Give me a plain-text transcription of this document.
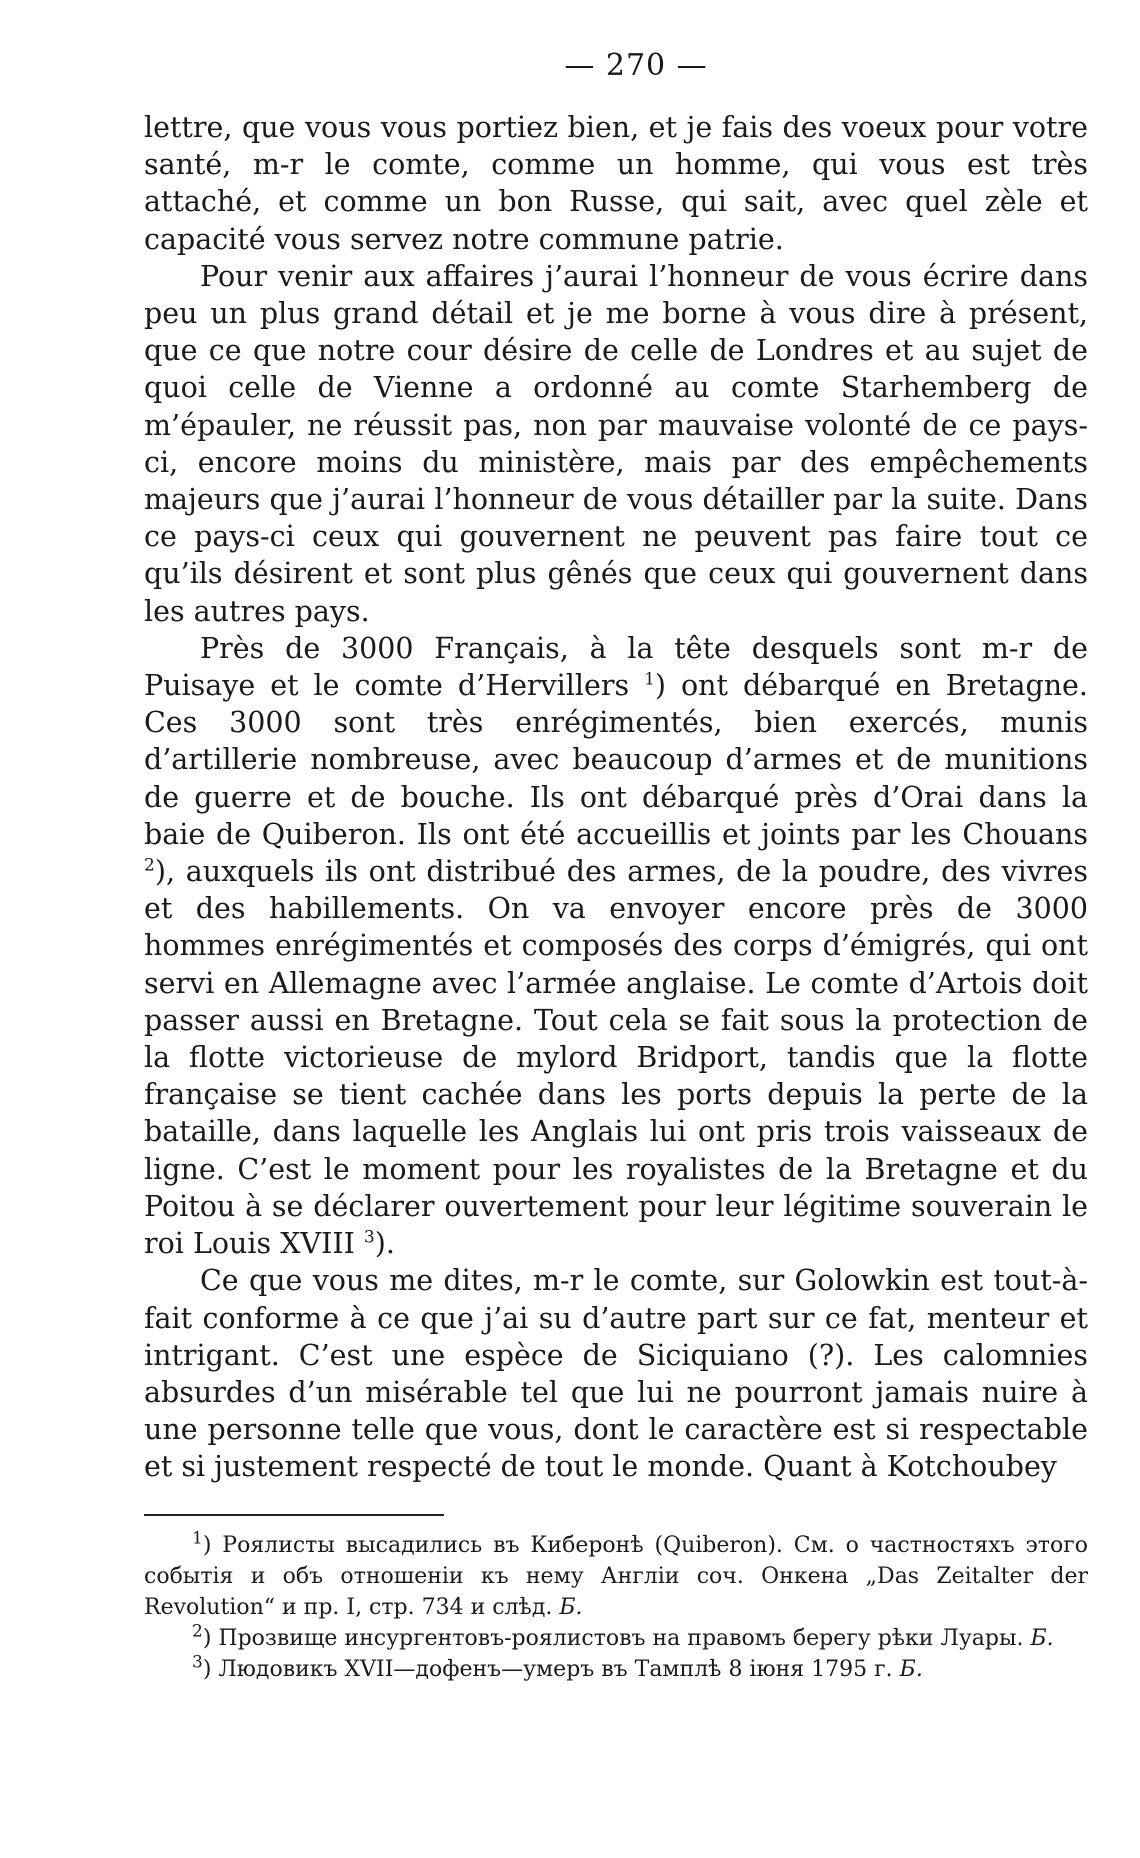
— 270 —

lettre, que vous vous portiez bien, et je fais des voeux pour votre santé, m-r le comte, comme un homme, qui vous est très attaché, et comme un bon Russe, qui sait, avec quel zèle et capacité vous servez notre commune patrie.

Pour venir aux affaires j’aurai l’honneur de vous écrire dans peu un plus grand détail et je me borne à vous dire à présent, que ce que notre cour désire de celle de Londres et au sujet de quoi celle de Vienne a ordonné au comte Starhemberg de m’épauler, ne réussit pas, non par mauvaise volonté de ce pays-ci, encore moins du ministère, mais par des empêchements majeurs que j’aurai l’honneur de vous détailler par la suite. Dans ce pays-ci ceux qui gouvernent ne peuvent pas faire tout ce qu’ils désirent et sont plus gênés que ceux qui gouvernent dans les autres pays.

Près de 3000 Français, à la tête desquels sont m-r de Puisaye et le comte d’Hervillers $^1$) ont débarqué en Bretagne. Ces 3000 sont très enrégimentés, bien exercés, munis d’artillerie nombreuse, avec beaucoup d’armes et de munitions de guerre et de bouche. Ils ont débarqué près d’Orai dans la baie de Quiberon. Ils ont été accueillis et joints par les Chouans $^2$), auxquels ils ont distribué des armes, de la poudre, des vivres et des habillements. On va envoyer encore près de 3000 hommes enrégimentés et composés des corps d’émigrés, qui ont servi en Allemagne avec l’armée anglaise. Le comte d’Artois doit passer aussi en Bretagne. Tout cela se fait sous la protection de la flotte victorieuse de mylord Bridport, tandis que la flotte française se tient cachée dans les ports depuis la perte de la bataille, dans laquelle les Anglais lui ont pris trois vaisseaux de ligne. C’est le moment pour les royalistes de la Bretagne et du Poitou à se déclarer ouvertement pour leur légitime souverain le roi Louis XVIII $^3$).

Ce que vous me dites, m-r le comte, sur Golowkin est tout-à-fait conforme à ce que j’ai su d’autre part sur ce fat, menteur et intrigant. C’est une espèce de Siciquiano (?). Les calomnies absurdes d’un misérable tel que lui ne pourront jamais nuire à une personne telle que vous, dont le caractère est si respectable et si justement respecté de tout le monde. Quant à Kotchoubey

$^1$) Роялисты высадились въ Киберонѣ (Quiberon). См. о частностяхъ этого событія и объ отношеніи къ нему Англіи соч. Онкена „Das Zeitalter der Revolution“ и пр. I, стр. 734 и слѣд. Б.

$^2$) Прозвище инсургентовъ-роялистовъ на правомъ берегу рѣки Луары. Б.

$^3$) Людовикъ XVII—дофенъ—умеръ въ Тамплѣ 8 іюня 1795 г. Б.
